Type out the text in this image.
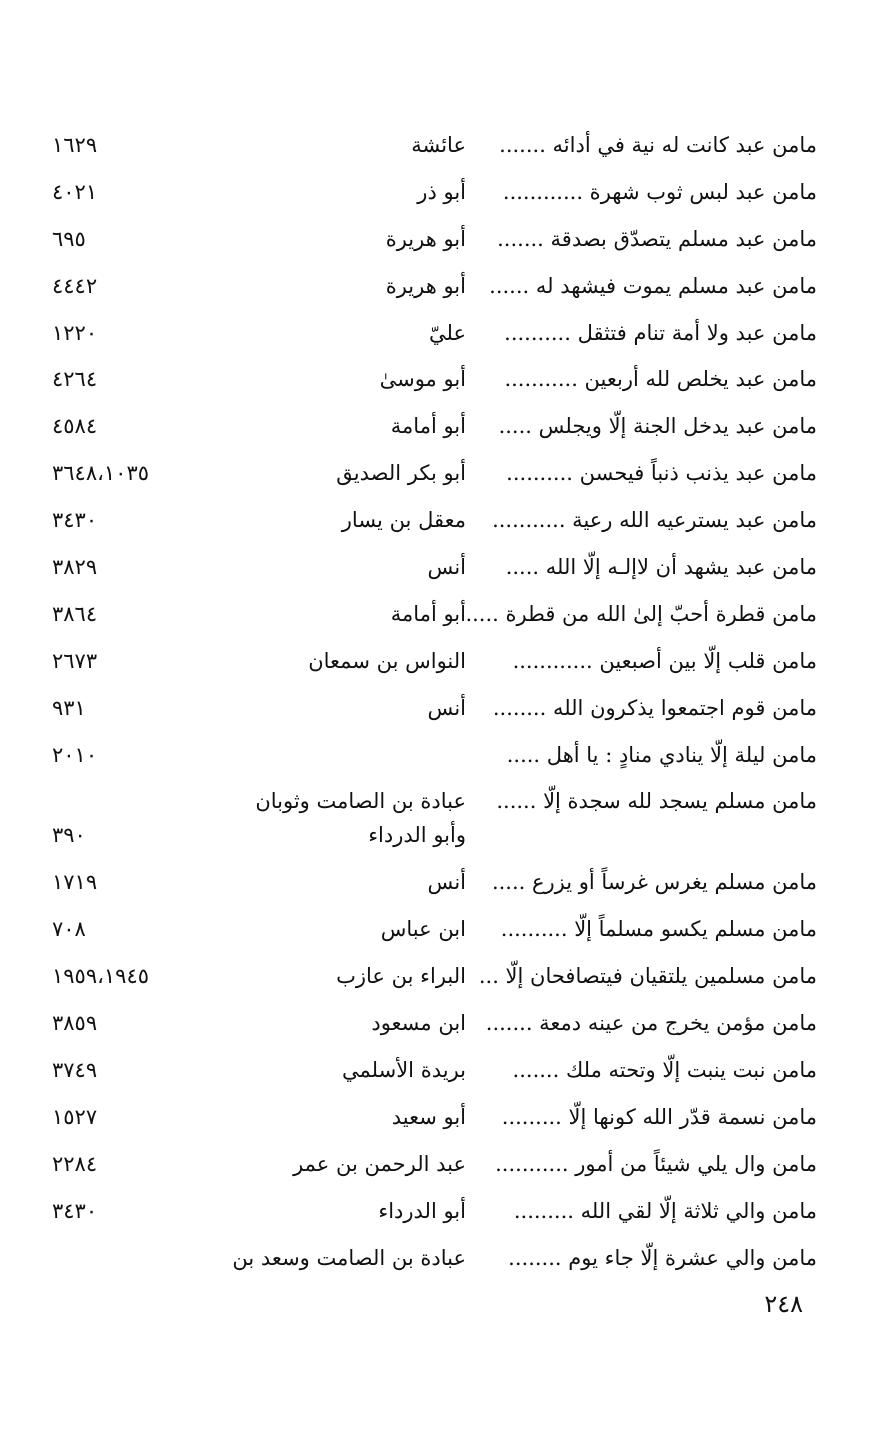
مامن عبد كانت له نية في أدائه .......
عائشة
١٦٢٩
مامن عبد لبس ثوب شهرة ............
أبو ذر
٤٠٢١
مامن عبد مسلم يتصدّق بصدقة .......
أبو هريرة
٦٩٥
مامن عبد مسلم يموت فيشهد له ......
أبو هريرة
٤٤٤٢
مامن عبد ولا أمة تنام فتثقل ..........
عليّ
١٢٢٠
مامن عبد يخلص لله أربعين ...........
أبو موسىٰ
٤٢٦٤
مامن عبد يدخل الجنة إلّا ويجلس .....
أبو أمامة
٤٥٨٤
مامن عبد يذنب ذنباً فيحسن ..........
أبو بكر الصديق
٣٦٤٨،١٠٣٥
مامن عبد يسترعيه الله رعية ...........
معقل بن يسار
٣٤٣٠
مامن عبد يشهد أن لاإلـه إلّا الله .....
أنس
٣٨٢٩
مامن قطرة أحبّ إلىٰ الله من قطرة .....
أبو أمامة
٣٨٦٤
مامن قلب إلّا بين أصبعين ............
النواس بن سمعان
٢٦٧٣
مامن قوم اجتمعوا يذكرون الله ........
أنس
٩٣١
مامن ليلة إلّا ينادي منادٍ : يا أهل .....
٢٠١٠
مامن مسلم يسجد لله سجدة إلّا ......
عبادة بن الصامت وثوبان وأبو الدرداء
٣٩٠
مامن مسلم يغرس غرساً أو يزرع .....
أنس
١٧١٩
مامن مسلم يكسو مسلماً إلّا ..........
ابن عباس
٧٠٨
مامن مسلمين يلتقيان فيتصافحان إلّا ...
البراء بن عازب
١٩٥٩،١٩٤٥
مامن مؤمن يخرج من عينه دمعة .......
ابن مسعود
٣٨٥٩
مامن نبت ينبت إلّا وتحته ملك .......
بريدة الأسلمي
٣٧٤٩
مامن نسمة قدّر الله كونها إلّا .........
أبو سعيد
١٥٢٧
مامن وال يلي شيئاً من أمور ...........
عبد الرحمن بن عمر
٢٢٨٤
مامن والي ثلاثة إلّا لقي الله .........
أبو الدرداء
٣٤٣٠
مامن والي عشرة إلّا جاء يوم ........
عبادة بن الصامت وسعد بن
٢٤٨
